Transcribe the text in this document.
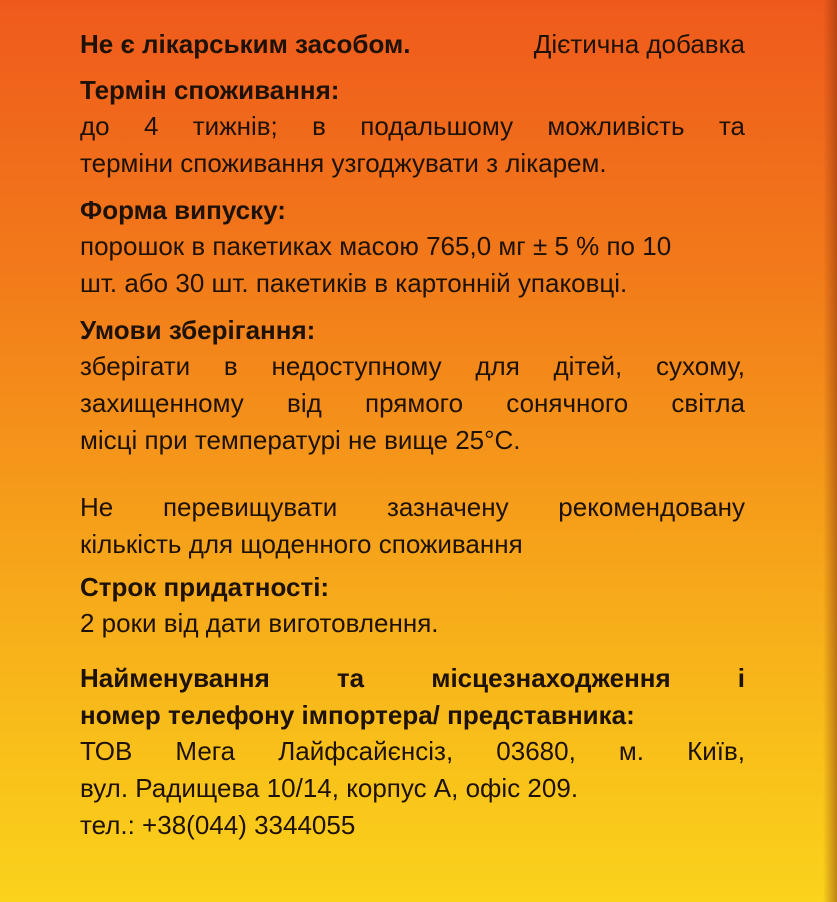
Не є лікарським засобом.	Дієтична добавка
Термін споживання:
до 4 тижнів; в подальшому можливість та
терміни споживання узгоджувати з лікарем.
Форма випуску:
порошок в пакетиках масою 765,0 мг ± 5 % по 10
шт. або 30 шт. пакетиків в картонній упаковці.
Умови зберігання:
зберігати в недоступному для дітей, сухому,
захищенному від прямого сонячного світла
місці при температурі не вище 25°С.
Не перевищувати зазначену рекомендовану
кількість для щоденного споживання
Строк придатності:
2 роки від дати виготовлення.
Найменування та місцезнаходження і
номер телефону імпортера/ представника:
ТОВ Мега Лайфсайєнсіз, 03680, м. Київ,
вул. Радищева 10/14, корпус А, офіс 209.
тел.: +38(044) 3344055
